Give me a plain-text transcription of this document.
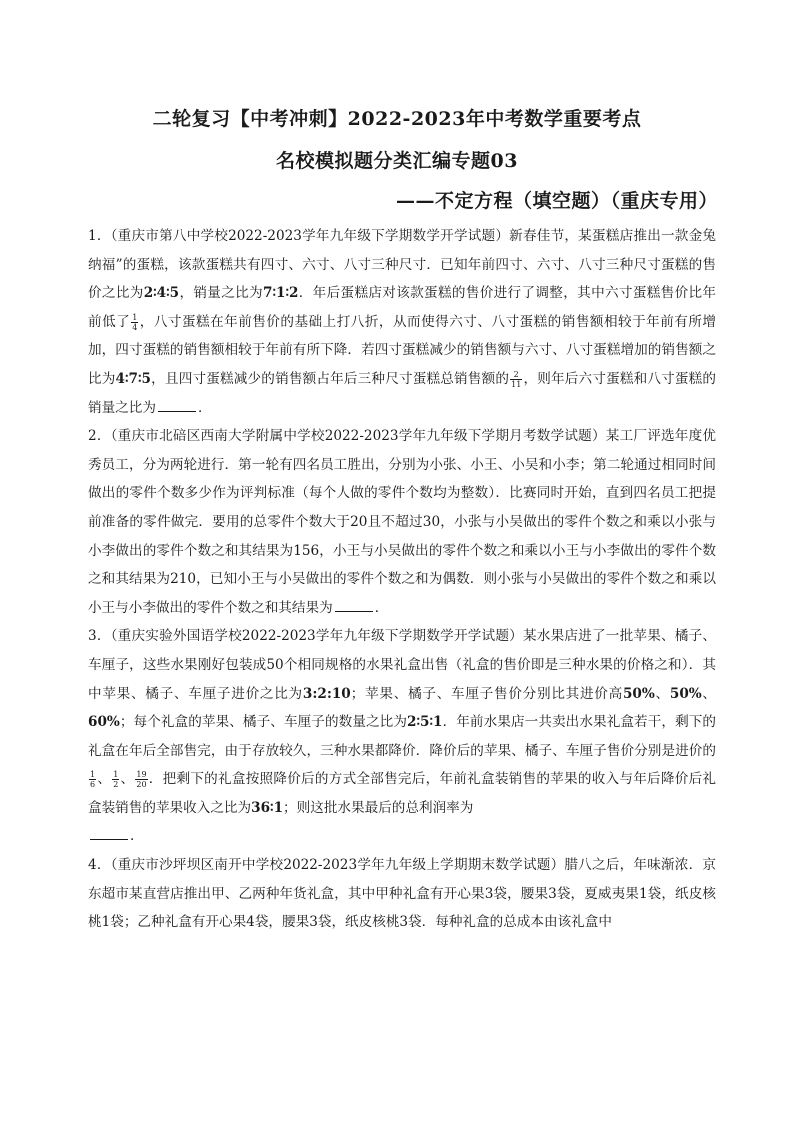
二轮复习【中考冲刺】2022-2023年中考数学重要考点
名校模拟题分类汇编专题03
——不定方程（填空题）（重庆专用）

1．（重庆市第八中学校2022-2023学年九年级下学期数学开学试题）新春佳节，某蛋糕店推出一款金兔纳福”的蛋糕，该款蛋糕共有四寸、六寸、八寸三种尺寸．已知年前四寸、六寸、八寸三种尺寸蛋糕的售价之比为2∶4∶5，销量之比为7∶1∶2．年后蛋糕店对该款蛋糕的售价进行了调整，其中六寸蛋糕售价比年前低了 $\frac{1}{4}$ ，八寸蛋糕在年前售价的基础上打八折，从而使得六寸、八寸蛋糕的销售额相较于年前有所增加，四寸蛋糕的销售额相较于年前有所下降．若四寸蛋糕减少的销售额与六寸、八寸蛋糕增加的销售额之比为4∶7∶5，且四寸蛋糕减少的销售额占年后三种尺寸蛋糕总销售额的 $\frac{2}{11}$ ，则年后六寸蛋糕和八寸蛋糕的销量之比为	．

2．（重庆市北碚区西南大学附属中学校2022-2023学年九年级下学期月考数学试题）某工厂评选年度优秀员工，分为两轮进行．第一轮有四名员工胜出，分别为小张、小王、小吴和小李；第二轮通过相同时间做出的零件个数多少作为评判标准（每个人做的零件个数均为整数）．比赛同时开始，直到四名员工把提前准备的零件做完．要用的总零件个数大于20且不超过30，小张与小吴做出的零件个数之和乘以小张与小李做出的零件个数之和其结果为156，小王与小吴做出的零件个数之和乘以小王与小李做出的零件个数之和其结果为210，已知小王与小吴做出的零件个数之和为偶数．则小张与小吴做出的零件个数之和乘以小王与小李做出的零件个数之和其结果为	．

3．（重庆实验外国语学校2022-2023学年九年级下学期数学开学试题）某水果店进了一批苹果、橘子、车厘子，这些水果刚好包装成50个相同规格的水果礼盒出售（礼盒的售价即是三种水果的价格之和）．其中苹果、橘子、车厘子进价之比为3:2:10；苹果、橘子、车厘子售价分别比其进价高50%、50%、60%；每个礼盒的苹果、橘子、车厘子的数量之比为2∶5∶1．年前水果店一共卖出水果礼盒若干，剩下的礼盒在年后全部售完，由于存放较久，三种水果都降价．降价后的苹果、橘子、车厘子售价分别是进价的
$\frac{1}{6}$ 、 $\frac{1}{2}$ 、 $\frac{19}{20}$ ．把剩下的礼盒按照降价后的方式全部售完后，年前礼盒装销售的苹果的收入与年后降价后礼盒装销售的苹果收入之比为36∶1；则这批水果最后的总利润率为
．

4．（重庆市沙坪坝区南开中学校2022-2023学年九年级上学期期末数学试题）腊八之后，年味渐浓．京东超市某直营店推出甲、乙两种年货礼盒，其中甲种礼盒有开心果3袋，腰果3袋，夏威夷果1袋，纸皮核桃1袋；乙种礼盒有开心果4袋，腰果3袋，纸皮核桃3袋．每种礼盒的总成本由该礼盒中
